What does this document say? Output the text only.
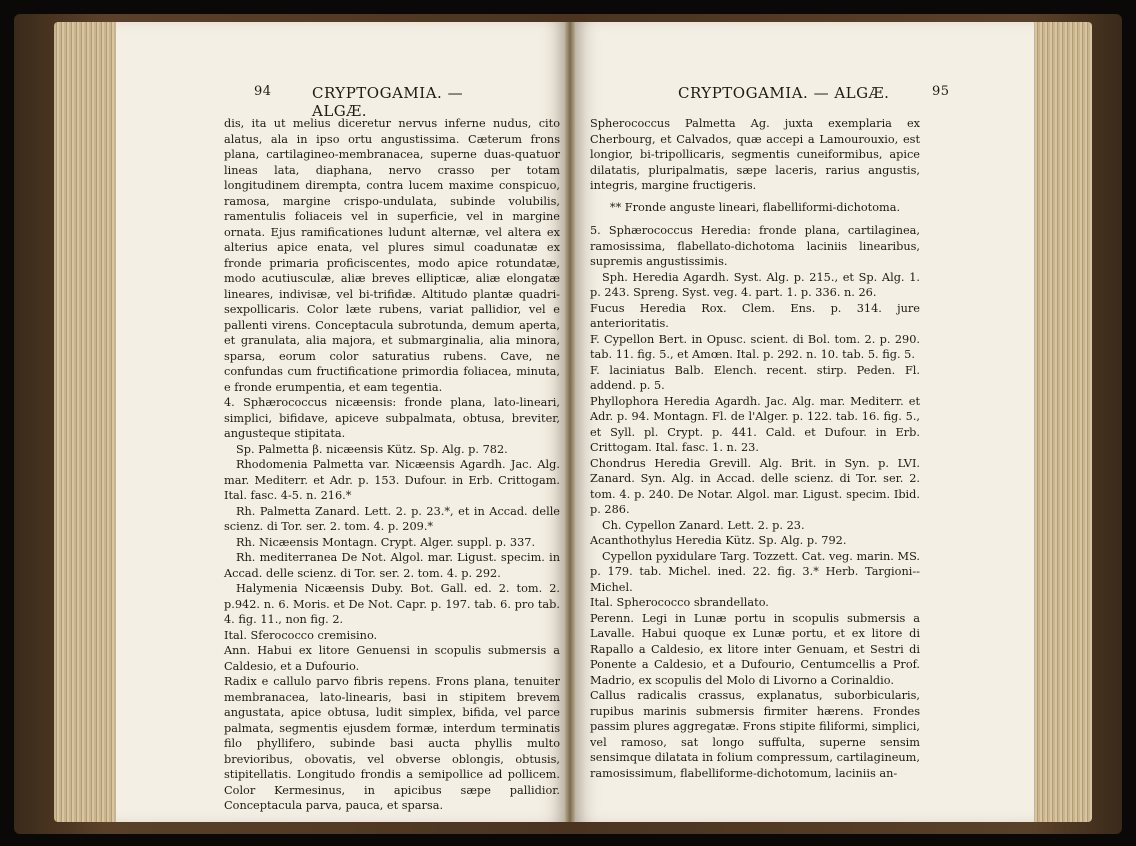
94	CRYPTOGAMIA. — ALGÆ.

dis, ita ut melius diceretur nervus inferne nudus, cito alatus, ala in ipso ortu angustissima. Cæterum frons plana, cartilagineo-membranacea, superne duas-quatuor lineas lata, diaphana, nervo crasso per totam longitudinem dirempta, contra lucem maxime conspicuo, ramosa, margine crispo-undulata, subinde volubilis, ramentulis foliaceis vel in superficie, vel in margine ornata. Ejus ramificationes ludunt alternæ, vel altera ex alterius apice enata, vel plures simul coadunatæ ex fronde primaria proficiscentes, modo apice rotundatæ, modo acutiusculæ, aliæ breves ellipticæ, aliæ elongatæ lineares, indivisæ, vel bi-trifidæ. Altitudo plantæ quadri-sexpollicaris. Color læte rubens, variat pallidior, vel e pallenti virens. Conceptacula subrotunda, demum aperta, et granulata, alia majora, et submarginalia, alia minora, sparsa, eorum color saturatius rubens. Cave, ne confundas cum fructificatione primordia foliacea, minuta, e fronde erumpentia, et eam tegentia.

4. Sphærococcus nicæensis: fronde plana, lato-lineari, simplici, bifidave, apiceve subpalmata, obtusa, breviter, angusteque stipitata.

Sp. Palmetta β. nicæensis Kütz. Sp. Alg. p. 782.

Rhodomenia Palmetta var. Nicæensis Agardh. Jac. Alg. mar. Mediterr. et Adr. p. 153. Dufour. in Erb. Crittogam. Ital. fasc. 4-5. n. 216.*

Rh. Palmetta Zanard. Lett. 2. p. 23.*, et in Accad. delle scienz. di Tor. ser. 2. tom. 4. p. 209.*

Rh. Nicæensis Montagn. Crypt. Alger. suppl. p. 337.

Rh. mediterranea De Not. Algol. mar. Ligust. specim. in Accad. delle scienz. di Tor. ser. 2. tom. 4. p. 292.

Halymenia Nicæensis Duby. Bot. Gall. ed. 2. tom. 2. p.942. n. 6. Moris. et De Not. Capr. p. 197. tab. 6. pro tab. 4. fig. 11., non fig. 2.

Ital. Sferococco cremisino.

Ann. Habui ex litore Genuensi in scopulis submersis a Caldesio, et a Dufourio.

Radix e callulo parvo fibris repens. Frons plana, tenuiter membranacea, lato-linearis, basi in stipitem brevem angustata, apice obtusa, ludit simplex, bifida, vel parce palmata, segmentis ejusdem formæ, interdum terminatis filo phyllifero, subinde basi aucta phyllis multo brevioribus, obovatis, vel obverse oblongis, obtusis, stipitellatis. Longitudo frondis a semipollice ad pollicem. Color Kermesinus, in apicibus sæpe pallidior. Conceptacula parva, pauca, et sparsa.

CRYPTOGAMIA. — ALGÆ.	95

Spherococcus Palmetta Ag. juxta exemplaria ex Cherbourg, et Calvados, quæ accepi a Lamourouxio, est longior, bi-tripollicaris, segmentis cuneiformibus, apice dilatatis, pluripalmatis, sæpe laceris, rarius angustis, integris, margine fructigeris.

** Fronde anguste lineari, flabelliformi-dichotoma.

5. Sphærococcus Heredia: fronde plana, cartilaginea, ramosissima, flabellato-dichotoma laciniis linearibus, supremis angustissimis.

Sph. Heredia Agardh. Syst. Alg. p. 215., et Sp. Alg. 1. p. 243. Spreng. Syst. veg. 4. part. 1. p. 336. n. 26.

Fucus Heredia Rox. Clem. Ens. p. 314. jure anterioritatis.

F. Cypellon Bert. in Opusc. scient. di Bol. tom. 2. p. 290. tab. 11. fig. 5., et Amœn. Ital. p. 292. n. 10. tab. 5. fig. 5.

F. laciniatus Balb. Elench. recent. stirp. Peden. Fl. addend. p. 5.

Phyllophora Heredia Agardh. Jac. Alg. mar. Mediterr. et Adr. p. 94. Montagn. Fl. de l'Alger. p. 122. tab. 16. fig. 5., et Syll. pl. Crypt. p. 441. Cald. et Dufour. in Erb. Crittogam. Ital. fasc. 1. n. 23.

Chondrus Heredia Grevill. Alg. Brit. in Syn. p. LVI. Zanard. Syn. Alg. in Accad. delle scienz. di Tor. ser. 2. tom. 4. p. 240. De Notar. Algol. mar. Ligust. specim. Ibid. p. 286.

Ch. Cypellon Zanard. Lett. 2. p. 23.

Acanthothylus Heredia Kütz. Sp. Alg. p. 792.

Cypellon pyxidulare Targ. Tozzett. Cat. veg. marin. MS. p. 179. tab. Michel. ined. 22. fig. 3.* Herb. Targioni--Michel.

Ital. Spherococco sbrandellato.

Perenn. Legi in Lunæ portu in scopulis submersis a Lavalle. Habui quoque ex Lunæ portu, et ex litore di Rapallo a Caldesio, ex litore inter Genuam, et Sestri di Ponente a Caldesio, et a Dufourio, Centumcellis a Prof. Madrio, ex scopulis del Molo di Livorno a Corinaldio.

Callus radicalis crassus, explanatus, suborbicularis, rupibus marinis submersis firmiter hærens. Frondes passim plures aggregatæ. Frons stipite filiformi, simplici, vel ramoso, sat longo suffulta, superne sensim sensimque dilatata in folium compressum, cartilagineum, ramosissimum, flabelliforme-dichotomum, laciniis an-
